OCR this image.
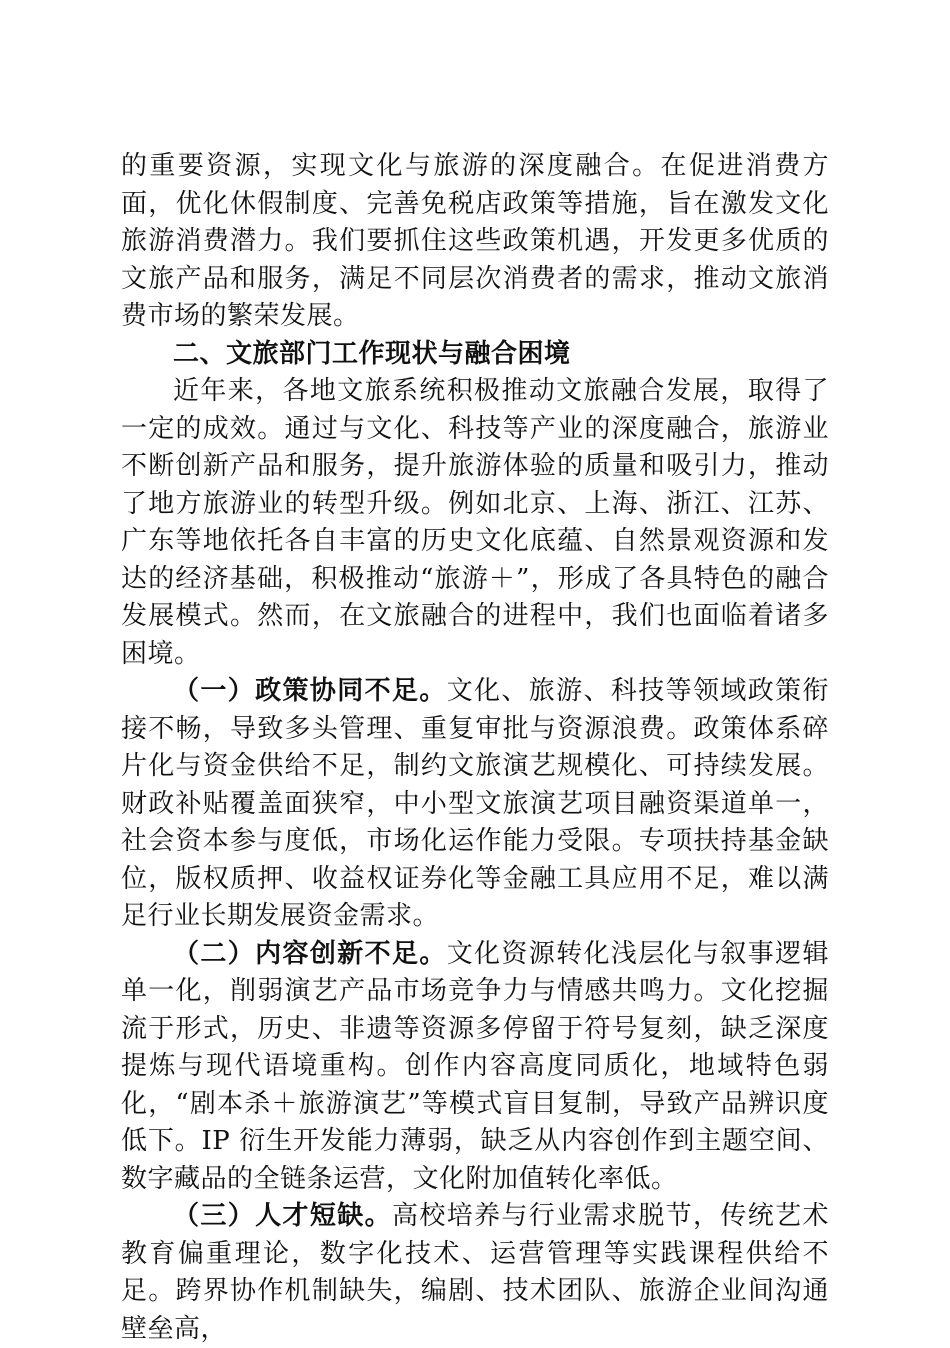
的重要资源，实现文化与旅游的深度融合。在促进消费方面，优化休假制度、完善免税店政策等措施，旨在激发文化旅游消费潜力。我们要抓住这些政策机遇，开发更多优质的文旅产品和服务，满足不同层次消费者的需求，推动文旅消费市场的繁荣发展。

二、文旅部门工作现状与融合困境

近年来，各地文旅系统积极推动文旅融合发展，取得了一定的成效。通过与文化、科技等产业的深度融合，旅游业不断创新产品和服务，提升旅游体验的质量和吸引力，推动了地方旅游业的转型升级。例如北京、上海、浙江、江苏、广东等地依托各自丰富的历史文化底蕴、自然景观资源和发达的经济基础，积极推动“旅游＋”，形成了各具特色的融合发展模式。然而，在文旅融合的进程中，我们也面临着诸多困境。

（一）政策协同不足。文化、旅游、科技等领域政策衔接不畅，导致多头管理、重复审批与资源浪费。政策体系碎片化与资金供给不足，制约文旅演艺规模化、可持续发展。财政补贴覆盖面狭窄，中小型文旅演艺项目融资渠道单一，社会资本参与度低，市场化运作能力受限。专项扶持基金缺位，版权质押、收益权证券化等金融工具应用不足，难以满足行业长期发展资金需求。

（二）内容创新不足。文化资源转化浅层化与叙事逻辑单一化，削弱演艺产品市场竞争力与情感共鸣力。文化挖掘流于形式，历史、非遗等资源多停留于符号复刻，缺乏深度提炼与现代语境重构。创作内容高度同质化，地域特色弱化，“剧本杀＋旅游演艺”等模式盲目复制，导致产品辨识度低下。IP 衍生开发能力薄弱，缺乏从内容创作到主题空间、数字藏品的全链条运营，文化附加值转化率低。

（三）人才短缺。高校培养与行业需求脱节，传统艺术教育偏重理论，数字化技术、运营管理等实践课程供给不足。跨界协作机制缺失，编剧、技术团队、旅游企业间沟通壁垒高，
